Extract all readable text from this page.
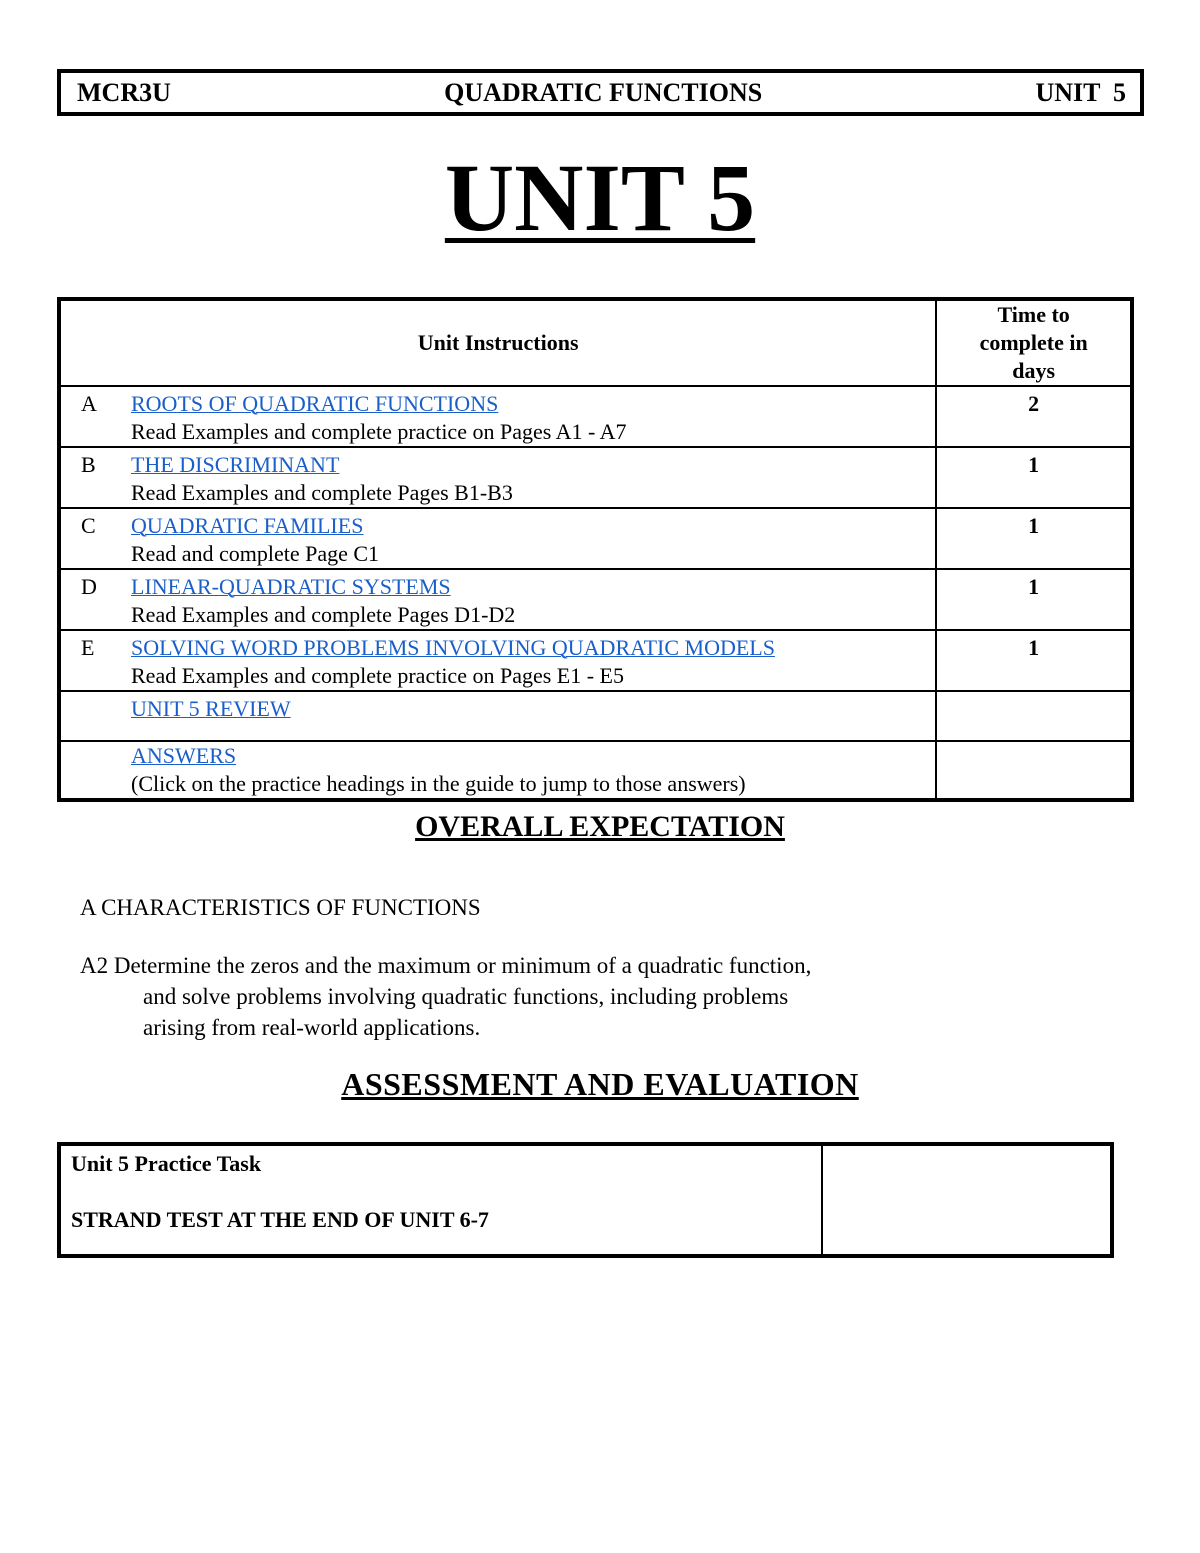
MCR3U	QUADRATIC FUNCTIONS	UNIT  5
UNIT 5
Unit Instructions	Time to complete in days

A ROOTS OF QUADRATIC FUNCTIONS
Read Examples and complete practice on Pages A1 - A7	2

B THE DISCRIMINANT
Read Examples and complete Pages B1-B3	1

C QUADRATIC FAMILIES
Read and complete Page C1	1

D LINEAR-QUADRATIC SYSTEMS
Read Examples and complete Pages D1-D2	1

E SOLVING WORD PROBLEMS INVOLVING QUADRATIC MODELS
Read Examples and complete practice on Pages E1 - E5	1

UNIT 5 REVIEW	

ANSWERS
(Click on the practice headings in the guide to jump to those answers)	

OVERALL EXPECTATION
A CHARACTERISTICS OF FUNCTIONS
A2 Determine the zeros and the maximum or minimum of a quadratic function,
and solve problems involving quadratic functions, including problems
arising from real-world applications.
ASSESSMENT AND EVALUATION
Unit 5 Practice Task
STRAND TEST AT THE END OF UNIT 6-7
